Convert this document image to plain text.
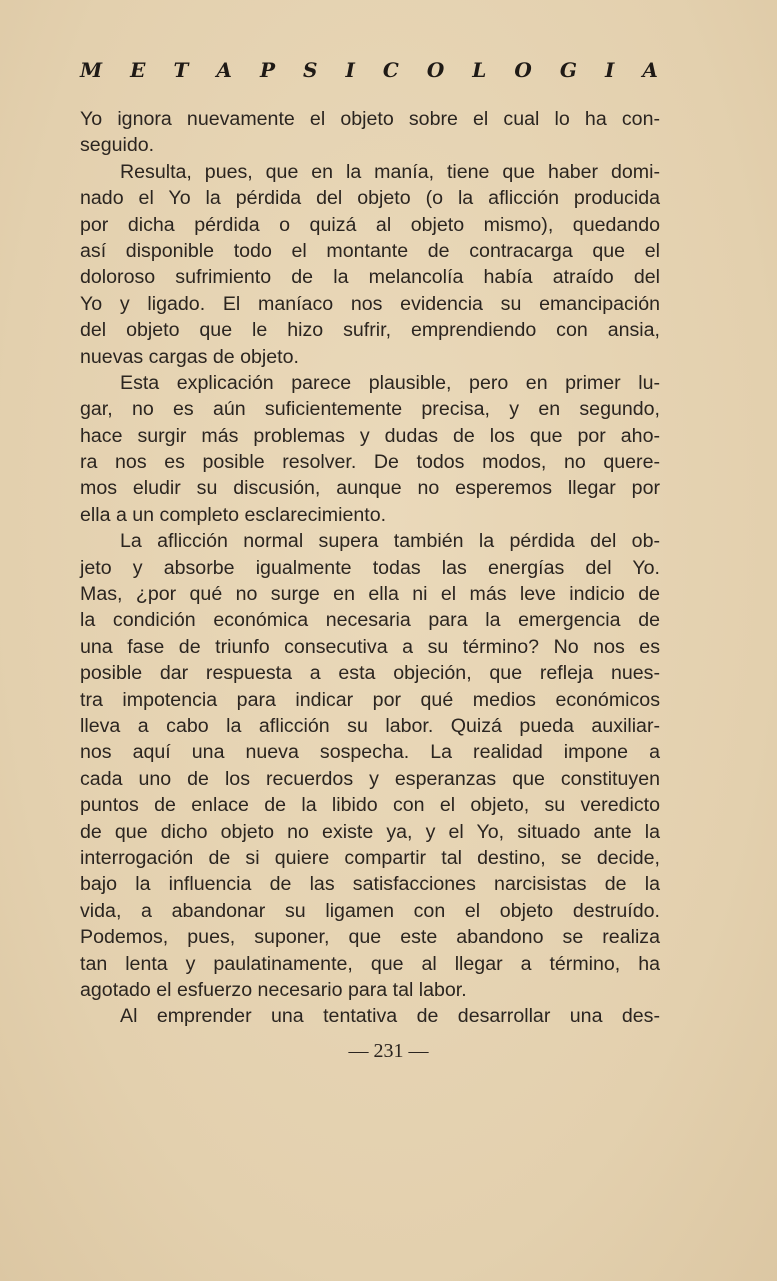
M E T A P S I C O L O G I A
Yo ignora nuevamente el objeto sobre el cual lo ha con-
seguido.
Resulta, pues, que en la manía, tiene que haber domi-
nado el Yo la pérdida del objeto (o la aflicción producida
por dicha pérdida o quizá al objeto mismo), quedando
así disponible todo el montante de contracarga que el
doloroso sufrimiento de la melancolía había atraído del
Yo y ligado. El maníaco nos evidencia su emancipación
del objeto que le hizo sufrir, emprendiendo con ansia,
nuevas cargas de objeto.
Esta explicación parece plausible, pero en primer lu-
gar, no es aún suficientemente precisa, y en segundo,
hace surgir más problemas y dudas de los que por aho-
ra nos es posible resolver. De todos modos, no quere-
mos eludir su discusión, aunque no esperemos llegar por
ella a un completo esclarecimiento.
La aflicción normal supera también la pérdida del ob-
jeto y absorbe igualmente todas las energías del Yo.
Mas, ¿por qué no surge en ella ni el más leve indicio de
la condición económica necesaria para la emergencia de
una fase de triunfo consecutiva a su término? No nos es
posible dar respuesta a esta objeción, que refleja nues-
tra impotencia para indicar por qué medios económicos
lleva a cabo la aflicción su labor. Quizá pueda auxiliar-
nos aquí una nueva sospecha. La realidad impone a
cada uno de los recuerdos y esperanzas que constituyen
puntos de enlace de la libido con el objeto, su veredicto
de que dicho objeto no existe ya, y el Yo, situado ante la
interrogación de si quiere compartir tal destino, se decide,
bajo la influencia de las satisfacciones narcisistas de la
vida, a abandonar su ligamen con el objeto destruído.
Podemos, pues, suponer, que este abandono se realiza
tan lenta y paulatinamente, que al llegar a término, ha
agotado el esfuerzo necesario para tal labor.
Al emprender una tentativa de desarrollar una des-
— 231 —
